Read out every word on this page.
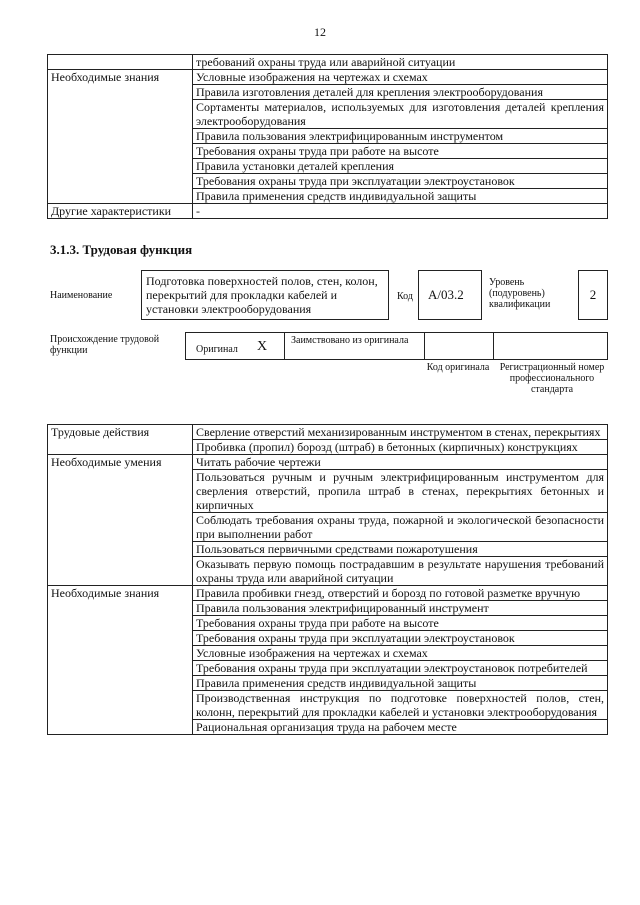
12
	требований охраны труда или аварийной ситуации
Необходимые знания	Условные изображения на чертежах и схемах
	Правила изготовления деталей для крепления электрооборудования
	Сортаменты материалов, используемых для изготовления деталей крепления электрооборудования
	Правила пользования электрифицированным инструментом
	Требования охраны труда при работе на высоте
	Правила установки деталей крепления
	Требования охраны труда при эксплуатации электроустановок
	Правила применения средств индивидуальной защиты
Другие характеристики	-
3.1.3. Трудовая функция
Наименование
Подготовка поверхностей полов, стен, колон, перекрытий для прокладки кабелей и установки электрооборудования
Код	А/03.2
Уровень (подуровень) квалификации
2
Происхождение трудовой функции	Оригинал X Заимствовано из оригинала
Код оригинала	Регистрационный номер профессионального стандарта
Трудовые действия	Сверление отверстий механизированным инструментом в стенах, перекрытиях
	Пробивка (пропил) борозд (штраб) в бетонных (кирпичных) конструкциях
Необходимые умения	Читать рабочие чертежи
	Пользоваться ручным и ручным электрифицированным инструментом для сверления отверстий, пропила штраб в стенах, перекрытиях бетонных и кирпичных
	Соблюдать требования охраны труда, пожарной и экологической безопасности при выполнении работ
	Пользоваться первичными средствами пожаротушения
	Оказывать первую помощь пострадавшим в результате нарушения требований охраны труда или аварийной ситуации
Необходимые знания	Правила пробивки гнезд, отверстий и борозд по готовой разметке вручную
	Правила пользования электрифицированный инструмент
	Требования охраны труда при работе на высоте
	Требования охраны труда при эксплуатации электроустановок
	Условные изображения на чертежах и схемах
	Требования охраны труда при эксплуатации электроустановок потребителей
	Правила применения средств индивидуальной защиты
	Производственная инструкция по подготовке поверхностей полов, стен, колонн, перекрытий для прокладки кабелей и установки электрооборудования
	Рациональная организация труда на рабочем месте
